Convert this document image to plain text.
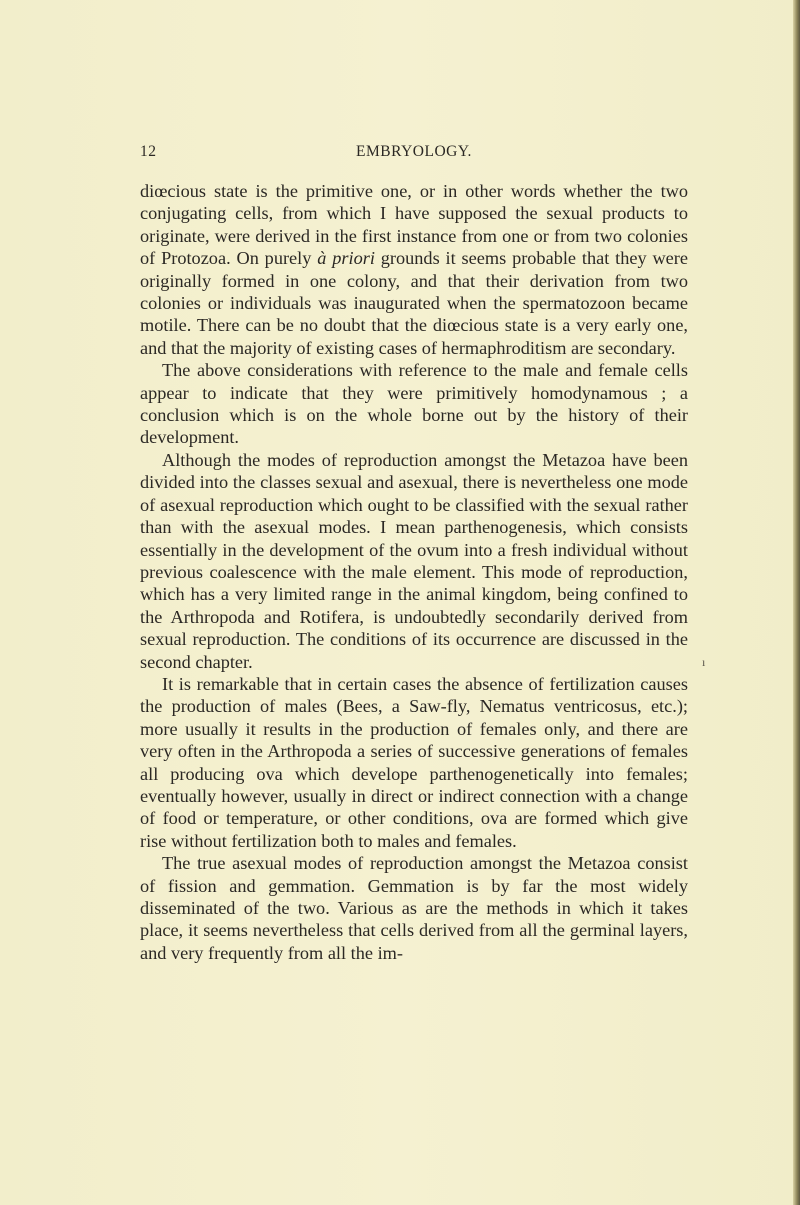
12	EMBRYOLOGY.

diœcious state is the primitive one, or in other words whether the two conjugating cells, from which I have supposed the sexual products to originate, were derived in the first instance from one or from two colonies of Protozoa. On purely à priori grounds it seems probable that they were originally formed in one colony, and that their derivation from two colonies or individuals was inaugurated when the spermatozoon became motile. There can be no doubt that the diœcious state is a very early one, and that the majority of existing cases of hermaphroditism are secondary.

The above considerations with reference to the male and female cells appear to indicate that they were primitively homodynamous ; a conclusion which is on the whole borne out by the history of their development.

Although the modes of reproduction amongst the Metazoa have been divided into the classes sexual and asexual, there is nevertheless one mode of asexual reproduction which ought to be classified with the sexual rather than with the asexual modes. I mean parthenogenesis, which consists essentially in the development of the ovum into a fresh individual without previous coalescence with the male element. This mode of reproduction, which has a very limited range in the animal kingdom, being confined to the Arthropoda and Rotifera, is undoubtedly secondarily derived from sexual reproduction. The conditions of its occurrence are discussed in the second chapter.

It is remarkable that in certain cases the absence of fertilization causes the production of males (Bees, a Saw-fly, Nematus ventricosus, etc.); more usually it results in the production of females only, and there are very often in the Arthropoda a series of successive generations of females all producing ova which develope parthenogenetically into females; eventually however, usually in direct or indirect connection with a change of food or temperature, or other conditions, ova are formed which give rise without fertilization both to males and females.

The true asexual modes of reproduction amongst the Metazoa consist of fission and gemmation. Gemmation is by far the most widely disseminated of the two. Various as are the methods in which it takes place, it seems nevertheless that cells derived from all the germinal layers, and very frequently from all the im-

ı
